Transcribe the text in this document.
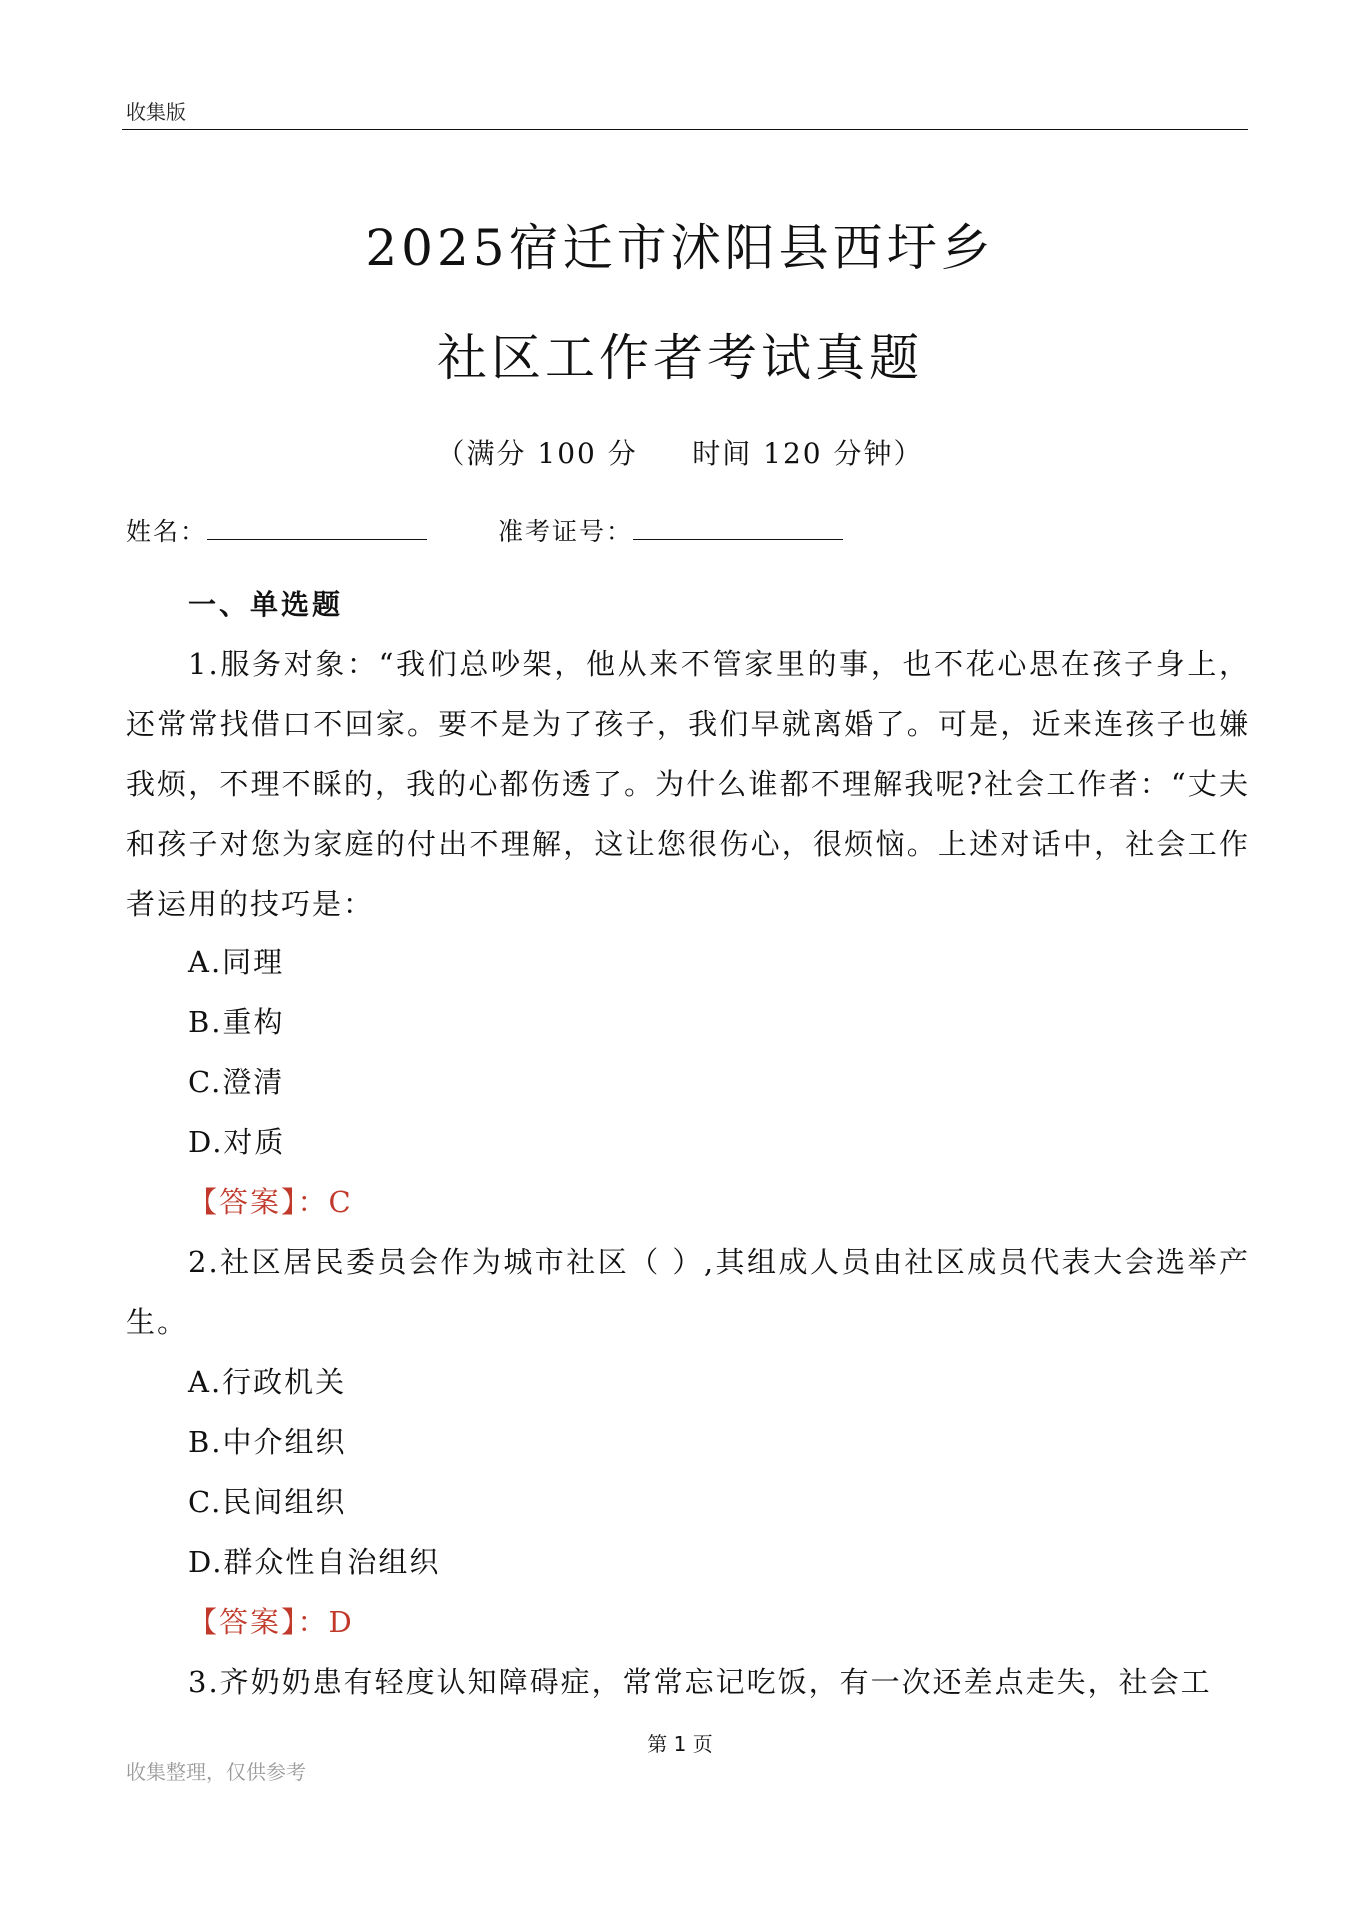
收集版
2025宿迁市沭阳县西圩乡
社区工作者考试真题
（满分 100 分     时间 120 分钟）
姓名：	准考证号：
一、单选题
1.服务对象：“我们总吵架，他从来不管家里的事，也不花心思在孩子身上，还常常找借口不回家。要不是为了孩子，我们早就离婚了。可是，近来连孩子也嫌我烦，不理不睬的，我的心都伤透了。为什么谁都不理解我呢?社会工作者：“丈夫和孩子对您为家庭的付出不理解，这让您很伤心，很烦恼。上述对话中，社会工作者运用的技巧是：
A.同理
B.重构
C.澄清
D.对质
【答案】：C
2.社区居民委员会作为城市社区（ ）,其组成人员由社区成员代表大会选举产生。
A.行政机关
B.中介组织
C.民间组织
D.群众性自治组织
【答案】：D
3.齐奶奶患有轻度认知障碍症，常常忘记吃饭，有一次还差点走失，社会工
第 1 页
收集整理，仅供参考
